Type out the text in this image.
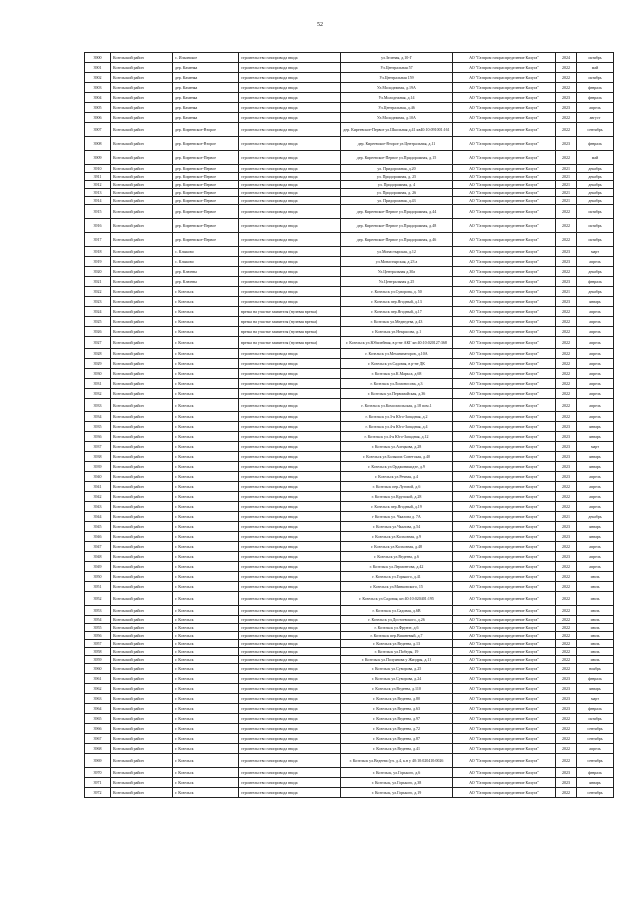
52
3900	Козельский район	с. Ильинское	строительство газопровода ввода	ул.Зеленая, д.10-Г	АО "Газпром газораспределение Калуга"	2024	октябрь
3901	Козельский район	дер. Каменка	строительство газопровода ввода	Ул.Центральная 57	АО "Газпром газораспределение Калуга"	2022	май
3902	Козельский район	дер. Каменка	строительство газопровода ввода	Ул.Центральная 159	АО "Газпром газораспределение Калуга"	2022	октябрь
3903	Козельский район	дер. Каменка	строительство газопровода ввода	Ул.Молодежная, д.19А	АО "Газпром газораспределение Калуга"	2022	февраль
3904	Козельский район	дер. Каменка	строительство газопровода ввода	Ул.Молодежная, д.14	АО "Газпром газораспределение Калуга"	2023	февраль
3905	Козельский район	дер. Каменка	строительство газопровода ввода	Ул.Центральная, д.46	АО "Газпром газораспределение Калуга"	2023	апрель
3906	Козельский район	дер. Каменка	строительство газопровода ввода	Ул.Молодежная, д.10А	АО "Газпром газораспределение Калуга"	2022	август
3907	Козельский район	дер. Киреевское-Второе	строительство газопровода ввода	дер. Киреевское-Первое ул.Школьная д.41 кв40:10:091001:161	АО "Газпром газораспределение Калуга"	2022	сентябрь
3908	Козельский район	дер. Киреевское-Второе	строительство газопровода ввода	дер. Киреевское-Второе ул.Центральная, д.11	АО "Газпром газораспределение Калуга"	2023	февраль
3909	Козельский район	дер. Киреевское-Первое	строительство газопровода ввода	дер. Киреевское-Первое ул.Придорожная, д.15	АО "Газпром газораспределение Калуга"	2022	май
3910	Козельский район	дер. Киреевское-Первое	строительство газопровода ввода	ул. Придорожная, д.20	АО "Газпром газораспределение Калуга"	2021	декабрь
3911	Козельский район	дер. Киреевское-Первое	строительство газопровода ввода	ул. Придорожная, д. 25	АО "Газпром газораспределение Калуга"	2021	декабрь
3912	Козельский район	дер. Киреевское-Первое	строительство газопровода ввода	ул. Придорожная, д. 4	АО "Газпром газораспределение Калуга"	2021	декабрь
3913	Козельский район	дер. Киреевское-Первое	строительство газопровода ввода	ул. Придорожная, д. 26	АО "Газпром газораспределение Калуга"	2021	декабрь
3914	Козельский район	дер. Киреевское-Первое	строительство газопровода ввода	ул. Придорожная, д.43	АО "Газпром газораспределение Калуга"	2021	декабрь
3915	Козельский район	дер. Киреевское-Первое	строительство газопровода ввода	дер. Киреевское-Первое ул.Придорожная, д.44	АО "Газпром газораспределение Калуга"	2022	октябрь
3916	Козельский район	дер. Киреевское-Первое	строительство газопровода ввода	дер. Киреевское-Первое ул.Придорожная, д.48	АО "Газпром газораспределение Калуга"	2022	октябрь
3917	Козельский район	дер. Киреевское-Первое	строительство газопровода ввода	дер. Киреевское-Первое ул.Придорожная, д.46	АО "Газпром газораспределение Калуга"	2022	октябрь
3918	Козельский район	с. Клыково	строительство газопровода ввода	ул.Монастырская, д.12	АО "Газпром газораспределение Калуга"	2023	март
3919	Козельский район	с. Клыково	строительство газопровода ввода	ул.Монастырская, д.23 а	АО "Газпром газораспределение Калуга"	2023	апрель
3920	Козельский район	дер. Клюевы	строительство газопровода ввода	Ул.Центральная д.30а	АО "Газпром газораспределение Калуга"	2022	декабрь
3921	Козельский район	дер. Клюевы	строительство газопровода ввода	Ул.Центральная д.25	АО "Газпром газораспределение Калуга"	2023	февраль
3922	Козельский район	г. Козельск	строительство газопровода ввода	г. Козельск ул.Суворова, д. 50	АО "Газпром газораспределение Калуга"	2021	декабрь
3923	Козельский район	г. Козельск	строительство газопровода ввода	г. Козельск пер.Ягодный, д.13	АО "Газпром газораспределение Калуга"	2023	январь
3924	Козельский район	г. Козельск	врезка на участке заявителя (нулевая врезка)	г. Козельск пер.Ягодный, д.17	АО "Газпром газораспределение Калуга"	2022	апрель
3925	Козельский район	г. Козельск	врезка на участке заявителя (нулевая врезка)	г. Козельск ул.Медведева, д.43	АО "Газпром газораспределение Калуга"	2022	апрель
3926	Козельский район	г. Козельск	врезка на участке заявителя (нулевая врезка)	г. Козельск ул.Некрасова, д.1	АО "Газпром газораспределение Калуга"	2022	апрель
3927	Козельский район	г. Козельск	врезка на участке заявителя (нулевая врезка)	г. Козельск ул.Юбилейная, в р-не АКГ кн 40:10:020127:368	АО "Газпром газораспределение Калуга"	2022	апрель
3928	Козельский район	г. Козельск	строительство газопровода ввода	г. Козельск ул.Механизаторов, д.10А	АО "Газпром газораспределение Калуга"	2022	апрель
3929	Козельский район	г. Козельск	строительство газопровода ввода	г. Козельск ул.Садовая, в р-не ДК	АО "Газпром газораспределение Калуга"	2022	апрель
3930	Козельский район	г. Козельск	строительство газопровода ввода	г. Козельск ул.К.Маркса, д.68	АО "Газпром газораспределение Калуга"	2022	апрель
3931	Козельский район	г. Козельск	строительство газопровода ввода	г. Козельск ул.Ломоносова, д.3	АО "Газпром газораспределение Калуга"	2022	апрель
3932	Козельский район	г. Козельск	строительство газопровода ввода	г. Козельск ул.Первомайская, д.36	АО "Газпром газораспределение Калуга"	2022	апрель
3933	Козельский район	г. Козельск	строительство газопровода ввода	г. Козельск ул.Комсомольская, д.18 пом.1	АО "Газпром газораспределение Калуга"	2022	апрель
3934	Козельский район	г. Козельск	строительство газопровода ввода	г. Козельск ул.3-я Юго-Западная, д.2	АО "Газпром газораспределение Калуга"	2022	апрель
3935	Козельский район	г. Козельск	строительство газопровода ввода	г. Козельск ул.4-я Юго-Западная, д.4	АО "Газпром газораспределение Калуга"	2023	январь
3936	Козельский район	г. Козельск	строительство газопровода ввода	г. Козельск ул.4-я Юго-Западная, д.12	АО "Газпром газораспределение Калуга"	2023	январь
3937	Козельский район	г. Козельск	строительство газопровода ввода	г. Козельск ул.Алецкова, д.28	АО "Газпром газораспределение Калуга"	2023	март
3938	Козельский район	г. Козельск	строительство газопровода ввода	г. Козельск ул.Больших Советская, д.40	АО "Газпром газораспределение Калуга"	2023	январь
3939	Козельский район	г. Козельск	строительство газопровода ввода	г. Козельск ул.Орджоникидзе, д.9	АО "Газпром газораспределение Калуга"	2023	январь
3940	Козельский район	г. Козельск	строительство газопровода ввода	г. Козельск ул.Речная, д.4	АО "Газпром газораспределение Калуга"	2023	апрель
3941	Козельский район	г. Козельск	строительство газопровода ввода	г. Козельск пер.Луговой, д.6	АО "Газпром газораспределение Калуга"	2022	апрель
3942	Козельский район	г. Козельск	строительство газопровода ввода	г. Козельск ул.Крупской, д.28	АО "Газпром газораспределение Калуга"	2022	апрель
3943	Козельский район	г. Козельск	строительство газопровода ввода	г. Козельск пер.Ягодный, д.19	АО "Газпром газораспределение Калуга"	2022	апрель
3944	Козельский район	г. Козельск	строительство газопровода ввода	г Козельск ул. Чкалова д. 7А	АО "Газпром газораспределение Калуга"	2021	декабрь
3945	Козельский район	г. Козельск	строительство газопровода ввода	г. Козельск ул.Чкалова, д.54	АО "Газпром газораспределение Калуга"	2023	январь
3946	Козельский район	г. Козельск	строительство газопровода ввода	г. Козельск ул.Колхозная, д.9	АО "Газпром газораспределение Калуга"	2023	январь
3947	Козельский район	г. Козельск	строительство газопровода ввода	г. Козельск ул.Колхозная, д.48	АО "Газпром газораспределение Калуга"	2022	апрель
3948	Козельский район	г. Козельск	строительство газопровода ввода	г. Козельск ул.Ведеева, д.6	АО "Газпром газораспределение Калуга"	2023	апрель
3949	Козельский район	г. Козельск	строительство газопровода ввода	г. Козельск ул.Лермонтова, д.42	АО "Газпром газораспределение Калуга"	2022	апрель
3950	Козельский район	г. Козельск	строительство газопровода ввода	г. Козельск ул.Горького, д.41	АО "Газпром газораспределение Калуга"	2022	июль
3951	Козельский район	г. Козельск	строительство газопровода ввода	г. Козельск ул.Минковского, 15	АО "Газпром газораспределение Калуга"	2022	июль
3952	Козельский район	г. Козельск	строительство газопровода ввода	г. Козельск ул.Садовая, кн 40:10:020401:195	АО "Газпром газораспределение Калуга"	2022	июль
3953	Козельский район	г. Козельск	строительство газопровода ввода	г. Козельск ул.Садовая, д.6В	АО "Газпром газораспределение Калуга"	2022	июль
3954	Козельский район	г. Козельск	строительство газопровода ввода	г. Козельск ул.Достоевского, д.26	АО "Газпром газораспределение Калуга"	2022	июль
3955	Козельский район	г. Козельск	строительство газопровода ввода	г. Козельск ул.Фрунзе, д.6	АО "Газпром газораспределение Калуга"	2022	июль
3956	Козельский район	г. Козельск	строительство газопровода ввода	г. Козельск пер.Вишневый, д.7	АО "Газпром газораспределение Калуга"	2022	июль
3957	Козельский район	г. Козельск	строительство газопровода ввода	г. Козельск ул.Ведеева, д.13	АО "Газпром газораспределение Калуга"	2022	июль
3958	Козельский район	г. Козельск	строительство газопровода ввода	г. Козельск ул.Победы, 19	АО "Газпром газораспределение Калуга"	2022	июль
3959	Козельский район	г. Козельск	строительство газопровода ввода	г. Козельск ул.Полуянова у Жиздры, д.11	АО "Газпром газораспределение Калуга"	2022	июль
3960	Козельский район	г. Козельск	строительство газопровода ввода	г. Козельск ул.Суворова, д.25	АО "Газпром газораспределение Калуга"	2022	ноябрь
3961	Козельский район	г. Козельск	строительство газопровода ввода	г. Козельск ул.Суворова, д.24	АО "Газпром газораспределение Калуга"	2023	февраль
3962	Козельский район	г. Козельск	строительство газопровода ввода	г. Козельск ул.Ведеева, д.110	АО "Газпром газораспределение Калуга"	2023	январь
3963	Козельский район	г. Козельск	строительство газопровода ввода	г. Козельск ул.Ведеева, д.80	АО "Газпром газораспределение Калуга"	2023	март
3964	Козельский район	г. Козельск	строительство газопровода ввода	г. Козельск ул.Ведеева, д.63	АО "Газпром газораспределение Калуга"	2023	февраль
3965	Козельский район	г. Козельск	строительство газопровода ввода	г. Козельск ул.Ведеева, д.97	АО "Газпром газораспределение Калуга"	2022	октябрь
3966	Козельский район	г. Козельск	строительство газопровода ввода	г. Козельск ул.Ведеева, д.72	АО "Газпром газораспределение Калуга"	2022	сентябрь
3967	Козельский район	г. Козельск	строительство газопровода ввода	г. Козельск ул.Ведеева, д.87	АО "Газпром газораспределение Калуга"	2022	сентябрь
3968	Козельский район	г. Козельск	строительство газопровода ввода	г. Козельск ул.Ведеева, д.41	АО "Газпром газораспределение Калуга"	2022	апрель
3969	Козельский район	г. Козельск	строительство газопровода ввода	г. Козельск ул.Ведеева (уч. д.4, к.н у 40:10:020410:0026	АО "Газпром газораспределение Калуга"	2022	сентябрь
3970	Козельский район	г. Козельск	строительство газопровода ввода	г. Козельск, ул.Горького, д.6	АО "Газпром газораспределение Калуга"	2023	февраль
3971	Козельский район	г. Козельск	строительство газопровода ввода	г. Козельск, ул.Горького, д.38	АО "Газпром газораспределение Калуга"	2023	январь
3972	Козельский район	г. Козельск	строительство газопровода ввода	г. Козельск, ул.Горького, д.19	АО "Газпром газораспределение Калуга"	2022	сентябрь
